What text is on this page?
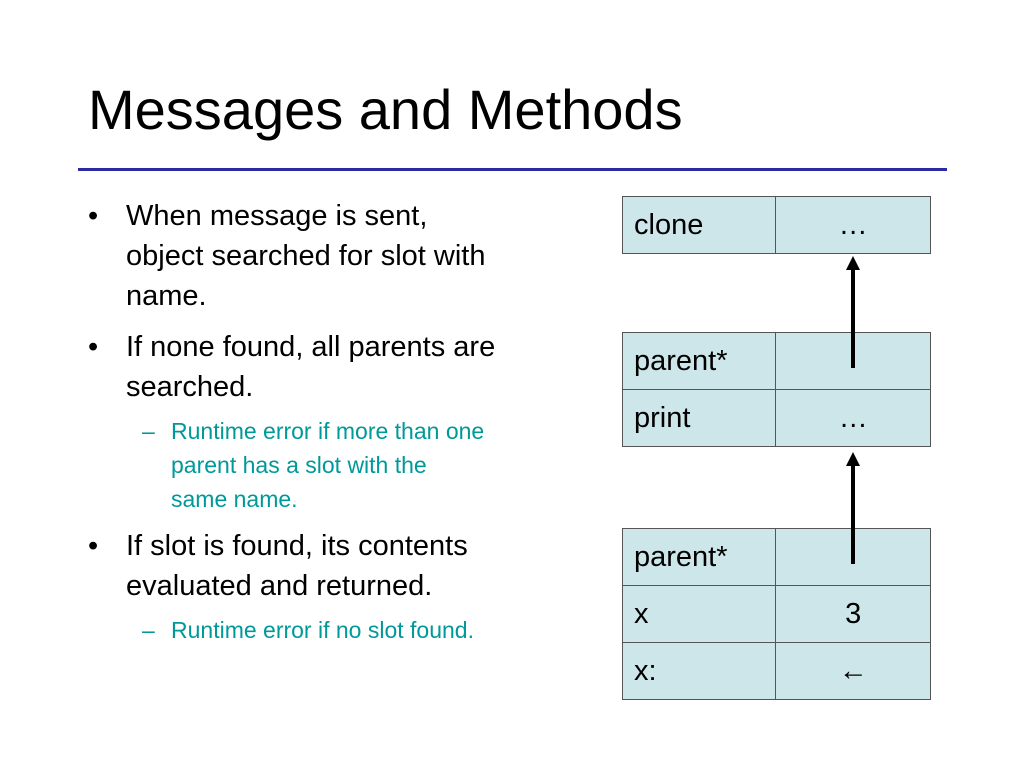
Messages and Methods
• When message is sent,
object searched for slot with
name.
• If none found, all parents are
searched.
– Runtime error if more than one
parent has a slot with the
same name.
• If slot is found, its contents
evaluated and returned.
– Runtime error if no slot found.
clone	…
parent*	
print	…
parent*	
x	3
x:	←
